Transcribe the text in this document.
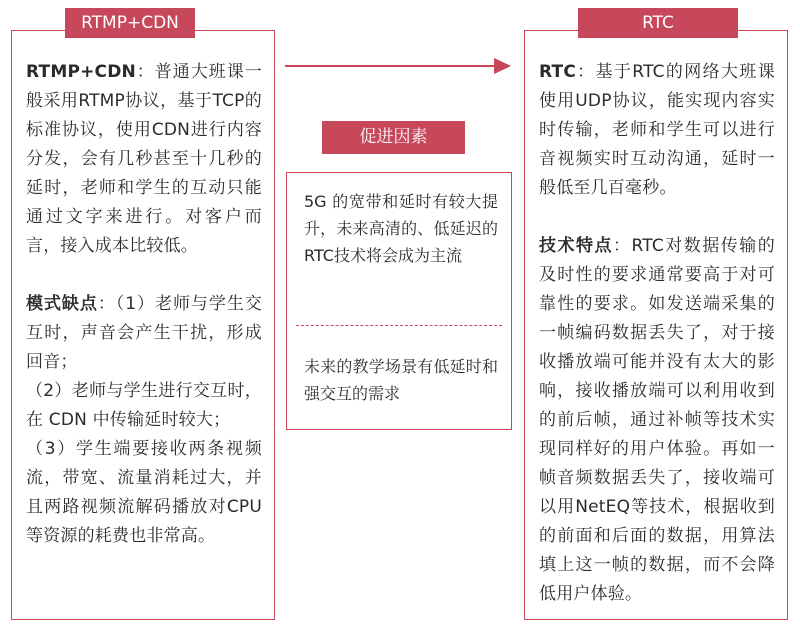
RTMP+CDN

RTMP+CDN：普通大班课一般采用RTMP协议，基于TCP的标准协议，使用CDN进行内容分发，会有几秒甚至十几秒的延时，老师和学生的互动只能通过文字来进行。对客户而言，接入成本比较低。

模式缺点：（1）老师与学生交互时，声音会产生干扰，形成回音；

（2）老师与学生进行交互时，在 CDN 中传输延时较大；

（3）学生端要接收两条视频流，带宽、流量消耗过大，并且两路视频流解码播放对CPU等资源的耗费也非常高。

促进因素
5G 的宽带和延时有较大提升，未来高清的、低延迟的RTC技术将会成为主流
未来的教学场景有低延时和强交互的需求
RTC

RTC：基于RTC的网络大班课使用UDP协议，能实现内容实时传输，老师和学生可以进行音视频实时互动沟通，延时一般低至几百毫秒。

技术特点：RTC对数据传输的及时性的要求通常要高于对可靠性的要求。如发送端采集的一帧编码数据丢失了，对于接收播放端可能并没有太大的影响，接收播放端可以利用收到的前后帧，通过补帧等技术实现同样好的用户体验。再如一帧音频数据丢失了，接收端可以用NetEQ等技术，根据收到的前面和后面的数据，用算法填上这一帧的数据，而不会降低用户体验。
